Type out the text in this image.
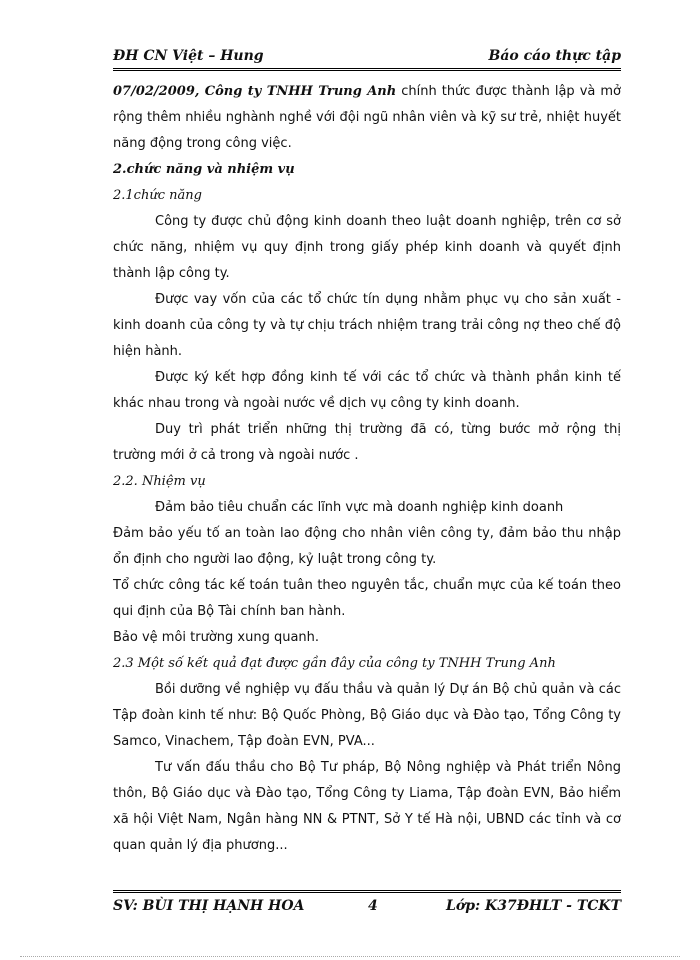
ĐH CN Việt – Hung	Báo cáo thực tập

07/02/2009, Công ty TNHH Trung Anh chính thức được thành lập và mở rộng thêm nhiều nghành nghề với đội ngũ nhân viên và kỹ sư trẻ, nhiệt huyết năng động trong công việc.

2.chức năng và nhiệm vụ

2.1chức năng

Công ty được chủ động kinh doanh theo luật doanh nghiệp, trên cơ sở chức năng, nhiệm vụ quy định trong giấy phép kinh doanh và quyết định thành lập công ty.

Được vay vốn của các tổ chức tín dụng nhằm phục vụ cho sản xuất - kinh doanh của công ty và tự chịu trách nhiệm trang trải công nợ theo chế độ hiện hành.

Được ký kết hợp đồng kinh tế với các tổ chức và thành phần kinh tế khác nhau trong và ngoài nước về dịch vụ công ty kinh doanh.

Duy trì phát triển những thị trường đã có, từng bước mở rộng thị trường mới ở cả trong và ngoài nước .

2.2. Nhiệm vụ

Đảm bảo tiêu chuẩn các lĩnh vực mà doanh nghiệp kinh doanh

Đảm bảo yếu tố an toàn lao động cho nhân viên công ty, đảm bảo thu nhập ổn định cho người lao động, kỷ luật trong công ty.

Tổ chức công tác kế toán tuân theo nguyên tắc, chuẩn mực của kế toán theo qui định của Bộ Tài chính ban hành.

Bảo vệ môi trường xung quanh.

2.3 Một số kết quả đạt được gần đây của công ty TNHH Trung Anh

Bồi dưỡng về nghiệp vụ đấu thầu và quản lý Dự án Bộ chủ quản và các Tập đoàn kinh tế như: Bộ Quốc Phòng, Bộ Giáo dục và Đào tạo, Tổng Công ty Samco, Vinachem, Tập đoàn EVN, PVA...

Tư vấn đấu thầu cho Bộ Tư pháp, Bộ Nông nghiệp và Phát triển Nông thôn, Bộ Giáo dục và Đào tạo, Tổng Công ty Liama, Tập đoàn EVN, Bảo hiểm xã hội Việt Nam, Ngân hàng NN & PTNT, Sở Y tế Hà nội, UBND các tỉnh và cơ quan quản lý địa phương...

SV: BÙI THỊ HẠNH HOA	4	Lớp: K37ĐHLT - TCKT
